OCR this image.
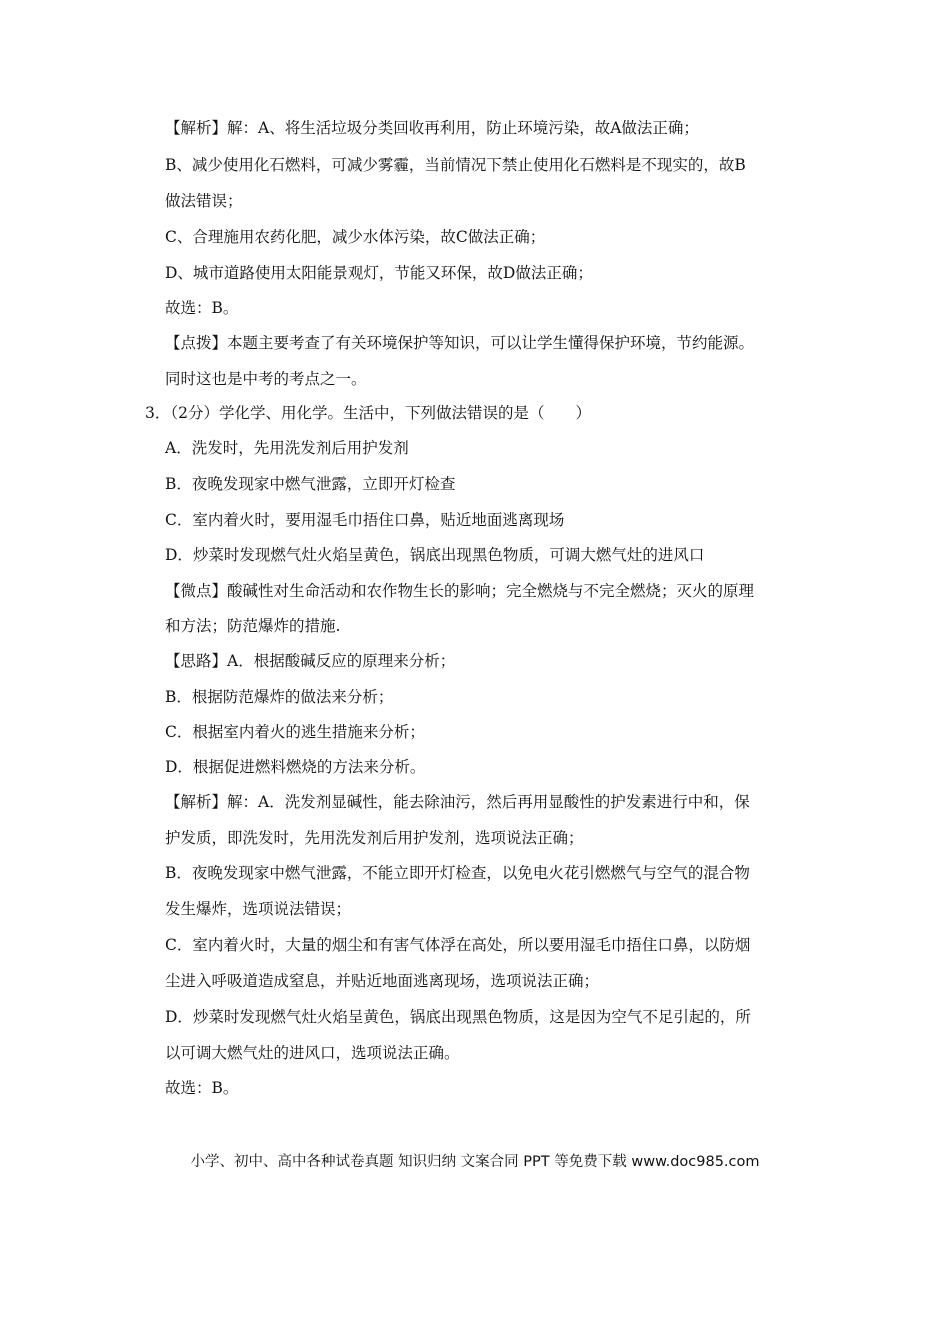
【解析】解：A、将生活垃圾分类回收再利用，防止环境污染，故A做法正确；
B、减少使用化石燃料，可减少雾霾，当前情况下禁止使用化石燃料是不现实的，故B
做法错误；
C、合理施用农药化肥，减少水体污染，故C做法正确；
D、城市道路使用太阳能景观灯，节能又环保，故D做法正确；
故选：B。
【点拨】本题主要考查了有关环境保护等知识，可以让学生懂得保护环境，节约能源。
同时这也是中考的考点之一。
3．（2分）学化学、用化学。生活中，下列做法错误的是（　　）
A．洗发时，先用洗发剂后用护发剂
B．夜晚发现家中燃气泄露，立即开灯检查
C．室内着火时，要用湿毛巾捂住口鼻，贴近地面逃离现场
D．炒菜时发现燃气灶火焰呈黄色，锅底出现黑色物质，可调大燃气灶的进风口
【微点】酸碱性对生命活动和农作物生长的影响；完全燃烧与不完全燃烧；灭火的原理
和方法；防范爆炸的措施.
【思路】A．根据酸碱反应的原理来分析；
B．根据防范爆炸的做法来分析；
C．根据室内着火的逃生措施来分析；
D．根据促进燃料燃烧的方法来分析。
【解析】解：A．洗发剂显碱性，能去除油污，然后再用显酸性的护发素进行中和，保
护发质，即洗发时，先用洗发剂后用护发剂，选项说法正确；
B．夜晚发现家中燃气泄露，不能立即开灯检查，以免电火花引燃燃气与空气的混合物
发生爆炸，选项说法错误；
C．室内着火时，大量的烟尘和有害气体浮在高处，所以要用湿毛巾捂住口鼻，以防烟
尘进入呼吸道造成窒息，并贴近地面逃离现场，选项说法正确；
D．炒菜时发现燃气灶火焰呈黄色，锅底出现黑色物质，这是因为空气不足引起的，所
以可调大燃气灶的进风口，选项说法正确。
故选：B。
小学、初中、高中各种试卷真题 知识归纳 文案合同 PPT 等免费下载 www.doc985.com
